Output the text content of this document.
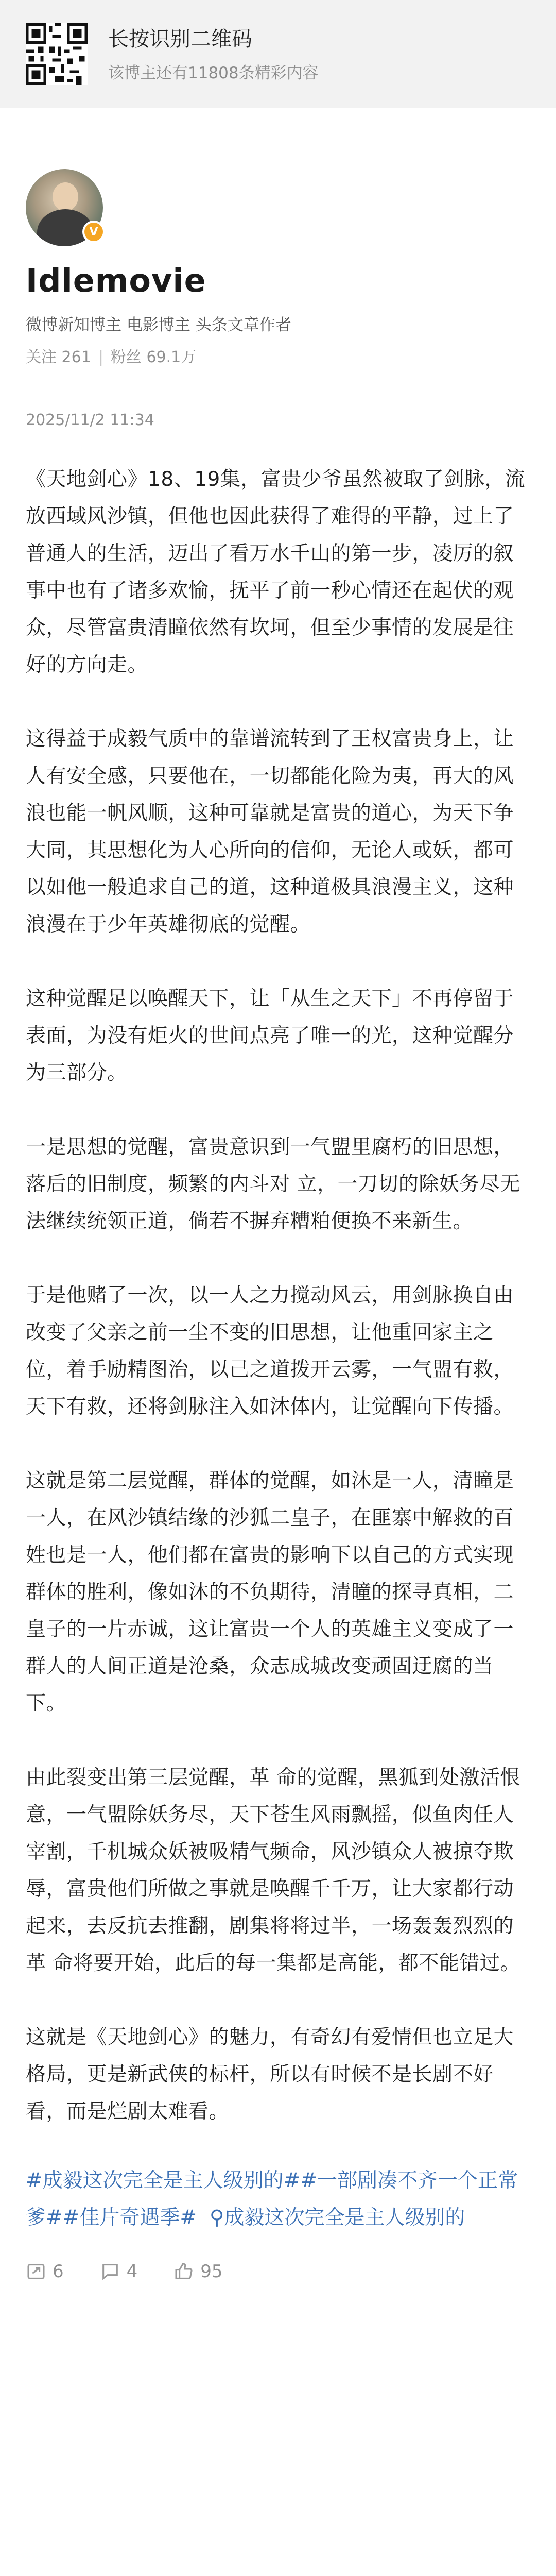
长按识别二维码
该博主还有11808条精彩内容
V
Idlemovie
微博新知博主 电影博主 头条文章作者
关注 261 | 粉丝 69.1万
2025/11/2 11:34

《天地剑心》18、19集，富贵少爷虽然被取了剑脉，流放西域风沙镇，但他也因此获得了难得的平静，过上了普通人的生活，迈出了看万水千山的第一步，凌厉的叙事中也有了诸多欢愉，抚平了前一秒心情还在起伏的观众，尽管富贵清瞳依然有坎坷，但至少事情的发展是往好的方向走。

这得益于成毅气质中的靠谱流转到了王权富贵身上，让人有安全感，只要他在，一切都能化险为夷，再大的风浪也能一帆风顺，这种可靠就是富贵的道心，为天下争大同，其思想化为人心所向的信仰，无论人或妖，都可以如他一般追求自己的道，这种道极具浪漫主义，这种浪漫在于少年英雄彻底的觉醒。

这种觉醒足以唤醒天下，让「从生之天下」不再停留于表面，为没有炬火的世间点亮了唯一的光，这种觉醒分为三部分。

一是思想的觉醒，富贵意识到一气盟里腐朽的旧思想，落后的旧制度，频繁的内斗对 立，一刀切的除妖务尽无法继续统领正道，倘若不摒弃糟粕便换不来新生。

于是他赌了一次，以一人之力搅动风云，用剑脉换自由改变了父亲之前一尘不变的旧思想，让他重回家主之位，着手励精图治，以己之道拨开云雾，一气盟有救，天下有救，还将剑脉注入如沐体内，让觉醒向下传播。

这就是第二层觉醒，群体的觉醒，如沐是一人，清瞳是一人，在风沙镇结缘的沙狐二皇子，在匪寨中解救的百姓也是一人，他们都在富贵的影响下以自己的方式实现群体的胜利，像如沐的不负期待，清瞳的探寻真相，二皇子的一片赤诚，这让富贵一个人的英雄主义变成了一群人的人间正道是沧桑，众志成城改变顽固迂腐的当下。

由此裂变出第三层觉醒，革 命的觉醒，黑狐到处激活恨意，一气盟除妖务尽，天下苍生风雨飘摇，似鱼肉任人宰割，千机城众妖被吸精气频命，风沙镇众人被掠夺欺辱，富贵他们所做之事就是唤醒千千万，让大家都行动起来，去反抗去推翻，剧集将将过半，一场轰轰烈烈的革 命将要开始，此后的每一集都是高能，都不能错过。

这就是《天地剑心》的魅力，有奇幻有爱情但也立足大格局，更是新武侠的标杆，所以有时候不是长剧不好看，而是烂剧太难看。

#成毅这次完全是主人级别的##一部剧凑不齐一个正常爹##佳片奇遇季#  ⚲成毅这次完全是主人级别的
6	4	95
